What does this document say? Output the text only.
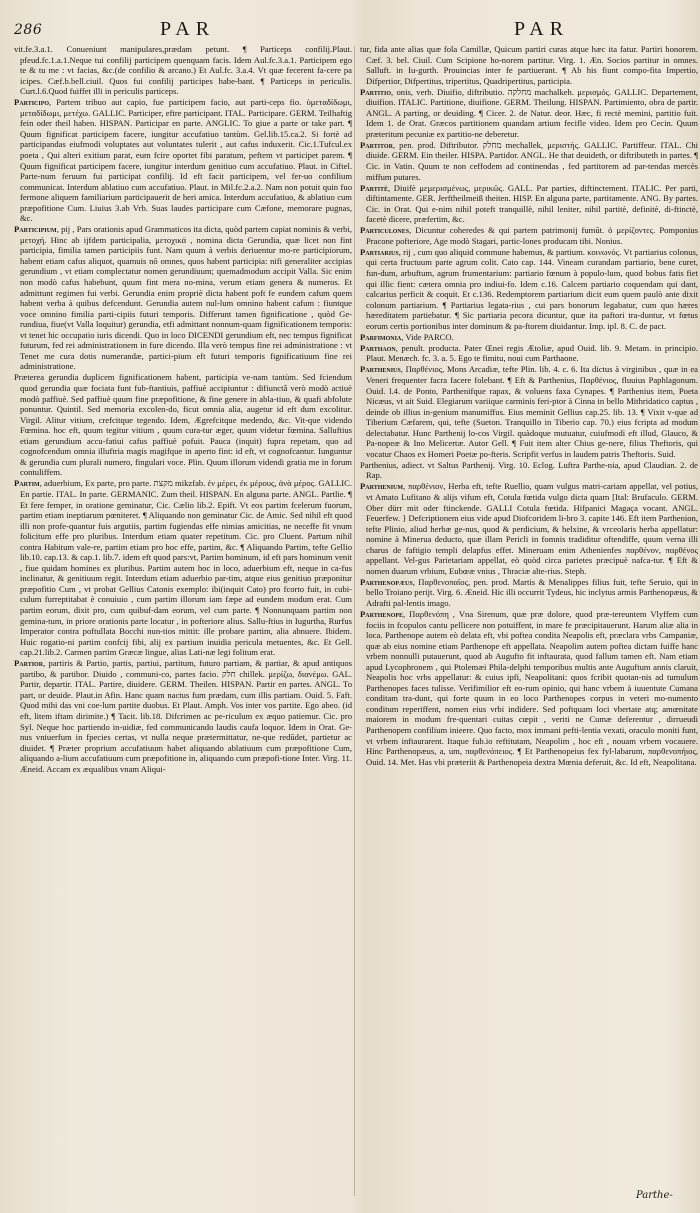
286	PAR	PAR

vit.fe.3.a.1. Conueniunt manipulares,prædam petunt. ¶ Particeps confilij.Plaut. pfeud.fc.1.a.1.Neque tui confilij participem quenquam facis. Idem Aul.fc.3.a.1. Participem ego te & tu me : vt facias, &c.(de confilio & arcano.) Et Aul.fc. 3.a.4. Vt quæ fecerent fa-cere pa icipes. Cæf.b.bell.ciuil. Quos fui confilij participes habe-bant. ¶ Particeps in periculis. Curt.l.6.Quod fuiffet illi in periculis particeps.

Participo, Partem tribuo aut capio, fue participem facio, aut parti-ceps fio. ὑμεταδίδωμι, μεταδίδωμι, μετέχω. GALLIC. Participer, eftre participant. ITAL. Participare. GERM. Teilhaftig fein oder theil haben. HISPAN. Participar en parte. ANGLIC. To giue a parte or take part. ¶ Quum fignificat participem facere, iungitur accufatiuo tantùm. Gel.lib.15.ca.2. Si fortè ad participandas eiufmodi voluptates aut voluntates tulerit , aut cafus induxerit. Cic.1.Tufcul.ex poeta , Qui alteri exitium parat, eum fcire oportet fibi paratum, peftem vt participet parem. ¶ Quum fignificat participem facere, iungitur interdum genitiuo cum accufatiuo. Plaut. in Ciftel. Parte-num feruum fui participat confilij. Id eft facit participem, vel fer-uo confilium communicat. Interdum ablatiuo cum accufatiuo. Plaut. in Mil.fc.2.a.2. Nam non potuit quin fuo fermone aliquem familiarium participauerit de heri amica. Interdum accufatiuo, & ablatiuo cum præpofitione Cum. Liuius 3.ab Vrb. Suas laudes participare cum Cæfone, memorare pugnas, &c.

Participium, pij , Pars orationis apud Grammaticos ita dicta, quòd partem capiat nominis & verbi, μετοχή. Hinc ab ijfdem participalia, μετοχικά , nomina dicta Gerundia, quæ licet non fint participia, fimilia tamen participiis funt. Nam quum à verbis deriuentur mo-re participiorum, habent etiam cafus aliquot, quamuis nō omnes, quos habent participia: nifi generaliter accipias gerundium , vt etiam complectatur nomen gerundiuum; quemadmodum accipit Valla. Sic enim non modò cafus habebunt, quum fint mera no-mina, verum etiam genera & numeros. Et admittunt regimen fui verbi. Gerundia enim propriè dicta habent poft fe eundem cafum quem habent verba à quibus defcendunt. Gerundia autem nul-lum omnino habent cafum : fiuntque voce omnino fimilia parti-cipiis futuri temporis. Differunt tamen fignificatione , quòd Ge-rundiua, fiue(vt Valla loquitur) gerundia, etfi admittant nonnum-quam fignificationem temporis: vt tenet hic occupatio iuris dicendi. Quo in loco DICENDI gerundium eft, nec tempus fignificat futurum, fed rei administrationem in fure dicendo. Illa verò tempus fine rei administratione : vt Tenet me cura dotis numerandæ, partici-pium eft futuri temporis fignificatiuum fine rei administratione.

Præterea gerundia duplicem fignificationem habent, participia ve-nam tantùm. Sed fciendum quod gerundia quæ fociata funt fub-ftantiuis, paffiuè accipiuntur : difiunctâ verò modò actiuè modò paffiuè. Sed paffiuè quum fine præpofitione, & fine genere in abla-tiuo, & quafi abfolute ponuntur. Quintil. Sed memoria excolen-do, ficut omnia alia, augetur id eft dum excolitur. Virgil. Alitur vitium, crefcitque tegendo. Idem, Ægrefcitque medendo, &c. Vit-que videndo Fœmina. hoc eft, quum tegitur vitium , quum cura-tur æger, quum videtur fœmina. Salluftius etiam gerundium accu-fatiui cafus paffiuè pofuit. Pauca (inquit) fupra repetam, quo ad cognofcendum omnia illuftria magis magifque in aperto fint: id eft, vt cognofcantur. Iunguntur & gerundia cum plurali numero, fingulari voce. Plin. Quum illorum videndi gratia me in forum contuliffem.

Partim, aduerbium, Ex parte, pro parte. מקצת mikzfab. ἐν μέρει, ἐκ μέρους, ἀνὰ μέρος. GALLIC. En partie. ITAL. In parte. GERMANIC. Zum theil. HISPAN. En alguna parte. ANGL. Partlie. ¶ Et fere femper, in oratione geminatur, Cic. Cælio lib.2. Epift. Vt eos partim fcelerum fuorum, partim etiam ineptiarum pœniteret. ¶ Aliquando non geminatur Cic. de Amic. Sed nihil eft quod illi non profe-quantur fuis argutiis, partim fugiendas effe nimias amicitias, ne neceffe fit vnum folicitum effe pro pluribus. Interdum etiam quater repetitum. Cic. pro Cluent. Partum nihil contra Habitum vale-re, partim etiam pro hoc effe, partim, &c. ¶ Aliquando Partim, tefte Gellio lib.10. cap.13. & cap.1. lib.7. idem eft quod pars:vt, Partim hominum, id eft pars hominum venit , fiue quidam homines ex pluribus. Partim autem hoc in loco, aduerbium eft, neque in ca-fus inclinatur, & genitiuum regit. Interdum etiam aduerbio par-tim, atque eius genitiuo præponitur præpofitio Cum , vt probat Gellius Catonis exemplo: ibi(inquit Cato) pro fcorto fuit, in cubi-culum furreptitabat è conuiuio , cum partim illorum iam fæpe ad eundem modum erat. Cum partim eorum, dixit pro, cum quibuf-dam eorum, vel cum parte. ¶ Nonnunquam partim non gemina-tum, in priore orationis parte locatur , in pofteriore alius. Sallu-ftius in Iugurtha, Rurfus Imperator contra poftullata Bocchi nun-tios mittit: ille probare partim, alia abnuere. Ibidem. Huic rogatio-ni partim confcij fibi, alij ex partium inuidia pericula metuentes, &c. Et Gell. cap.21.lib.2. Carmen partim Græcæ lingue, alias Lati-næ legi folitum erat.

Partior, partiris & Partio, partis, partiui, partitum, futuro partiam, & partiar, & apud antiquos partibo, & partibor. Diuido , communi-co, partes facio. חלק chillek. μερίζω, διανέμω. GAL. Partir, departir. ITAL. Partire, diuidere. GERM. Theilen. HISPAN. Partir en partes. ANGL. To part, or deuide. Plaut.in Afin. Hanc quam nactus fum prædam, cum illis partiam. Ouid. 5. Faft. Quod mihi das vni coe-lum partite duobus. Et Plaut. Amph. Vos inter vos partite. Ego abeo. (id eft, litem iftam dirimite.) ¶ Tacit. lib.18. Difcrimen ac pe-riculum ex æquo patiemur. Cic. pro Syl. Neque hoc partiendo in-uidiæ, fed communicando laudis caufa loquor. Idem in Orat. Ge-nus vniuerfum in fpecies certas, vt nulla neque prætermittatur, ne-que redūdet, partietur ac diuidet. ¶ Præter proprium accufatiuum habet aliquando ablatiuum cum præpofitione Cum, aliquando a-lium accufatiuum cum præpofitione in, aliquando cum præpofi-tione Inter. Virg. 11. Æneid. Accam ex æqualibus vnam Aliqui-

tur, fida ante alias quæ fola Camillæ, Quicum partiri curas atque hæc ita fatur. Partiri honorem. Cæf. 3. bel. Ciuil. Cum Scipione ho-norem partitur. Virg. 1. Æn. Socios partitur in omnes. Salluft. in Iu-gurth. Prouincias inter fe partiuerant. ¶ Ab his fiunt compo-fita Impertio, Difpertior, Difpertitus, tripertitus, Quadripertitus, participia.

Partitio, onis, verb. Diuifio, diftributio. מחלקה machalkeh. μερισμός. GALLIC. Departement, diuifion. ITALIC. Partitione, diuifione. GERM. Theilung. HISPAN. Partimiento, obra de partir. ANGL. A parting, or deuiding. ¶ Cicer. 2. de Natur. deor. Hæc, fi rectè memini, partitio fuit. Idem 1. de Orat. Græcos partitionem quandam artium fecifle video. Idem pro Cecin. Quum præteritum pecuniæ ex partitio-ne deberetur.

Partitor, pen. prod. Diftributor. מחלק mechallek, μεριστής. GALLIC. Partiffeur. ITAL. Chi diuide. GERM. Ein theiler. HISPA. Partidor. ANGL. He that deuideth, or diftributeth in partes. ¶ Cic. in Vatin. Quum te non ceffodem ad continendas , fed partitorem ad par-tendas mercès miffum putares.

Partitè, Diuifè μεμερισμένως, μερικῶς. GALL. Par parties, diftinctement. ITALIC. Per parti, diftintamente. GER. Jerftheilmeiß theiten. HISP. En alguna parte, partitamente. ANG. By partes. Cic. in Orat. Qui e-nim nihil poteft tranquillè, nihil leniter, nihil partitè, definitè, di-ftinctè, facetè dicere, præfertim, &c.

Particulones, Dicuntur coheredes & qui partem patrimonij fumūt. ὁ μερίζοντες. Pomponius Pracone pofteriore, Age modò Stagari, partic-lones producam tibi. Nonius.

Partiarius, rij , cum quo aliquid commune habemus, & partium. κοινωνός. Vt partiarius colonus, qui certa fructuum parte agrum colit. Cato cap. 144. Vineam curandam partiario, bene curet, fun-dum, arbuftum, agrum frumentarium: partiario fœnum à populo-lum, quod bobus fatis fiet qui illic fient: cætera omnia pro indiui-fo. Idem c.16. Calcem partiario coquendam qui dant, calcarius perficit & coquit. Et c.136. Redemptorem partiarium dicit eum quem paulò ante dixit colonum partiarium. ¶ Partiarius legata-rius , cui pars bonorum legabatur, cum quo hæres hæreditatem partiebatur. ¶ Sic partiaria pecora dicuntur, quæ ita paftori tra-duntur, vt fœtus eorum certis portionibus inter dominum & pa-ftorem diuidantur. Imp. ipl. 8. C. de pact.

Parfimonia, Vide PARCO.

Parthaon, penult. producta. Pater Œnei regis Ætoliæ, apud Ouid. lib. 9. Metam. in principio. Plaut. Menæch. fc. 3. a. 5. Ego te fimitu, noui cum Parthaone.

Parthenius, Παρθένιος, Mons Arcadiæ, tefte Plin. lib. 4. c. 6. Ita dictus à virginibus , quæ in ea Veneri frequenter facra facere folebant. ¶ Eft & Parthenius, Παρθένιος, fluuius Paphlagonum. Ouid. l.4. de Ponto, Parthenifque rapax, & voluens faxa Cynapes. ¶ Parthenius item, Poeta Nicæus, vt ait Suid. Elegiarum variique carminis feri-ptor à Cinna in bello Mithridatico captus , deinde ob illius in-genium manumiffus. Eius meminit Gellius cap.25. lib. 13. ¶ Vixit v-que ad Tiberium Cæfarem, qui, tefte (Sueton. Tranquillo in Tiberio cap. 70.) eius fcripta ad modum delectabatur. Hunc Parthenij lo-cos Virgil. quàdoque mutuatur, cuiufmodi eft illud, Glauco, & Pa-nopeæ & Ino Melicertæ. Autor Gell. ¶ Fuit item alter Chius ge-nere, filius Theftoris, qui vocatur Chaos ex Homeri Poetæ po-fteris. Scripfit verfus in laudem patris Theftoris. Suid.

Parthenius, adiect. vt Saltus Parthenij. Virg. 10. Eclog. Luftra Parthe-nia, apud Claudian. 2. de Rap.

Parthenium, παρθένιον, Herba eft, tefte Ruellio, quam vulgus matri-cariam appellat, vel potius, vt Amato Lufitano & alijs vifum eft, Cotula fœtida vulgo dicta quam [Ital: Brufaculo. GERM. Ober dürr mit oder ftinckende. GALLI Cotula fœtida. Hifpanici Magaça vocant. ANGL. Feuerfew. } Defcriptionem eius vide apud Diofcoridem li-bro 3. capite 146. Eft item Parthenion, tefte Plinio, aliud herbæ ge-nus, quod & perdicium, & helxine, & vrceolaris herba appellatur: nomine à Minerua deducto, quæ illam Pericli in fomnis tradiditur oftendiffe, quum verna illi charus de faftigio templi delapfus effet. Mineruam enim Athenienfes παρθένον, παρθένος appellant. Vel-gus Parietariam appellat, eò quòd circa parietes præcipuè nafca-tur. ¶ Eft & nomen duarum vrbium, Eubœæ vnius , Thraciæ alte-rius. Steph.

Parthenopæus, Παρθενοπαῖος, pen. prod. Martis & Menalippes filius fuit, tefte Seruio, qui in bello Troiano perijt. Virg. 6. Æneid. Hic illi occurrit Tydeus, hic inclytus armis Parthenopæus, & Adrafti pal-lentis imago.

Parthenope, Παρθενόπη , Vna Sirenum, quæ præ dolore, quod præ-tereuntem Vlyffem cum fociis in fcopulos cantu pellicere non potuiffent, in mare fe præcipitauerunt. Harum aliæ alia in loca. Parthenope autem eò delata eft, vbi poftea condita Neapolis eft, præclara vrbs Campaniæ, quæ ab eius nomine etiam Parthenope eft appellata. Neapolim autem poftea dictam fuiffe hanc vrbem nonnulli putauerunt, quod ab Augufto fit inftaurata, quod fallum tamen eft. Nam etiam apud Lycophronem , qui Ptolemæi Phila-delphi temporibus multis ante Auguftum annis claruit, Neapolis hoc vrbs appellatur: & cuius ipfi, Neapolitani: quos fcribit quotan-nis ad tumulum Parthenopes faces tulisse. Verifimilior eft eo-rum opinio, qui hanc vrbem à iuuentute Cumana conditam tra-dunt, qui forte quum in eo loco Parthenopes corpus in veteri mo-numento conditum reperiffent, nomen eius vrbi indidere. Sed poftquam loci vbertate atq; amœnitate maiorem in modum fre-quentari cuitas cœpit , veriti ne Cumæ deferentur , dirrueudi Parthenopem confilium inieere. Quo facto, mox immani pefti-lentia vexati, oraculo moniti funt, vt vrbem inftaurarent. Itaque fub.io reftitutam, Neapolim , hoc eft , nouam vrbem vocauere. Hinc Parthenopæus, a, um, παρθενόπειος. ¶ Et Parthenopeius fex fyl-labarum, παρθενοπήιος, Ouid. 14. Met. Has vbi præteriit & Parthenopeia dextra Mœnia deferuit, &c. Id eft, Neapolitana.

Parthe-
